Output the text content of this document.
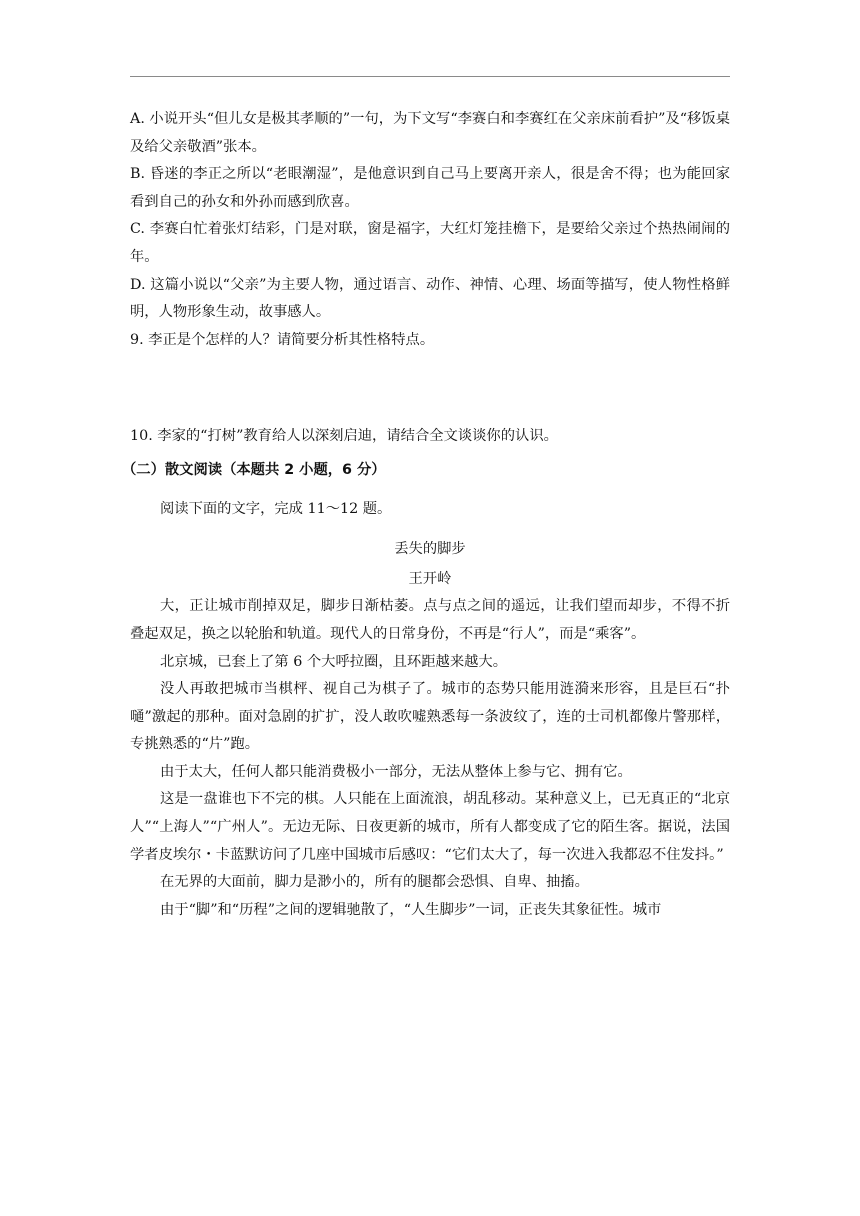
A. 小说开头“但儿女是极其孝顺的”一句，为下文写“李赛白和李赛红在父亲床前看护”及“移饭桌及给父亲敬酒”张本。

B. 昏迷的李正之所以“老眼潮湿”，是他意识到自己马上要离开亲人，很是舍不得；也为能回家看到自己的孙女和外孙而感到欣喜。

C. 李赛白忙着张灯结彩，门是对联，窗是福字，大红灯笼挂檐下，是要给父亲过个热热闹闹的年。

D. 这篇小说以“父亲”为主要人物，通过语言、动作、神情、心理、场面等描写，使人物性格鲜明，人物形象生动，故事感人。

9. 李正是个怎样的人？请简要分析其性格特点。

10. 李家的“打树”教育给人以深刻启迪，请结合全文谈谈你的认识。

（二）散文阅读（本题共 2 小题，6 分）

阅读下面的文字，完成 11～12 题。

丢失的脚步

王开岭

大，正让城市削掉双足，脚步日渐枯萎。点与点之间的遥远，让我们望而却步，不得不折叠起双足，换之以轮胎和轨道。现代人的日常身份，不再是“行人”，而是“乘客”。

北京城，已套上了第 6 个大呼拉圈，且环距越来越大。

没人再敢把城市当棋枰、视自己为棋子了。城市的态势只能用涟漪来形容，且是巨石“扑嗵”激起的那种。面对急剧的扩扩，没人敢吹嘘熟悉每一条波纹了，连的士司机都像片警那样，专挑熟悉的“片”跑。

由于太大，任何人都只能消费极小一部分，无法从整体上参与它、拥有它。

这是一盘谁也下不完的棋。人只能在上面流浪，胡乱移动。某种意义上，已无真正的“北京人”“上海人”“广州人”。无边无际、日夜更新的城市，所有人都变成了它的陌生客。据说，法国学者皮埃尔・卡蓝默访问了几座中国城市后感叹：“它们太大了，每一次进入我都忍不住发抖。”

在无界的大面前，脚力是渺小的，所有的腿都会恐惧、自卑、抽搐。

由于“脚”和“历程”之间的逻辑驰散了，“人生脚步”一词，正丧失其象征性。城市
